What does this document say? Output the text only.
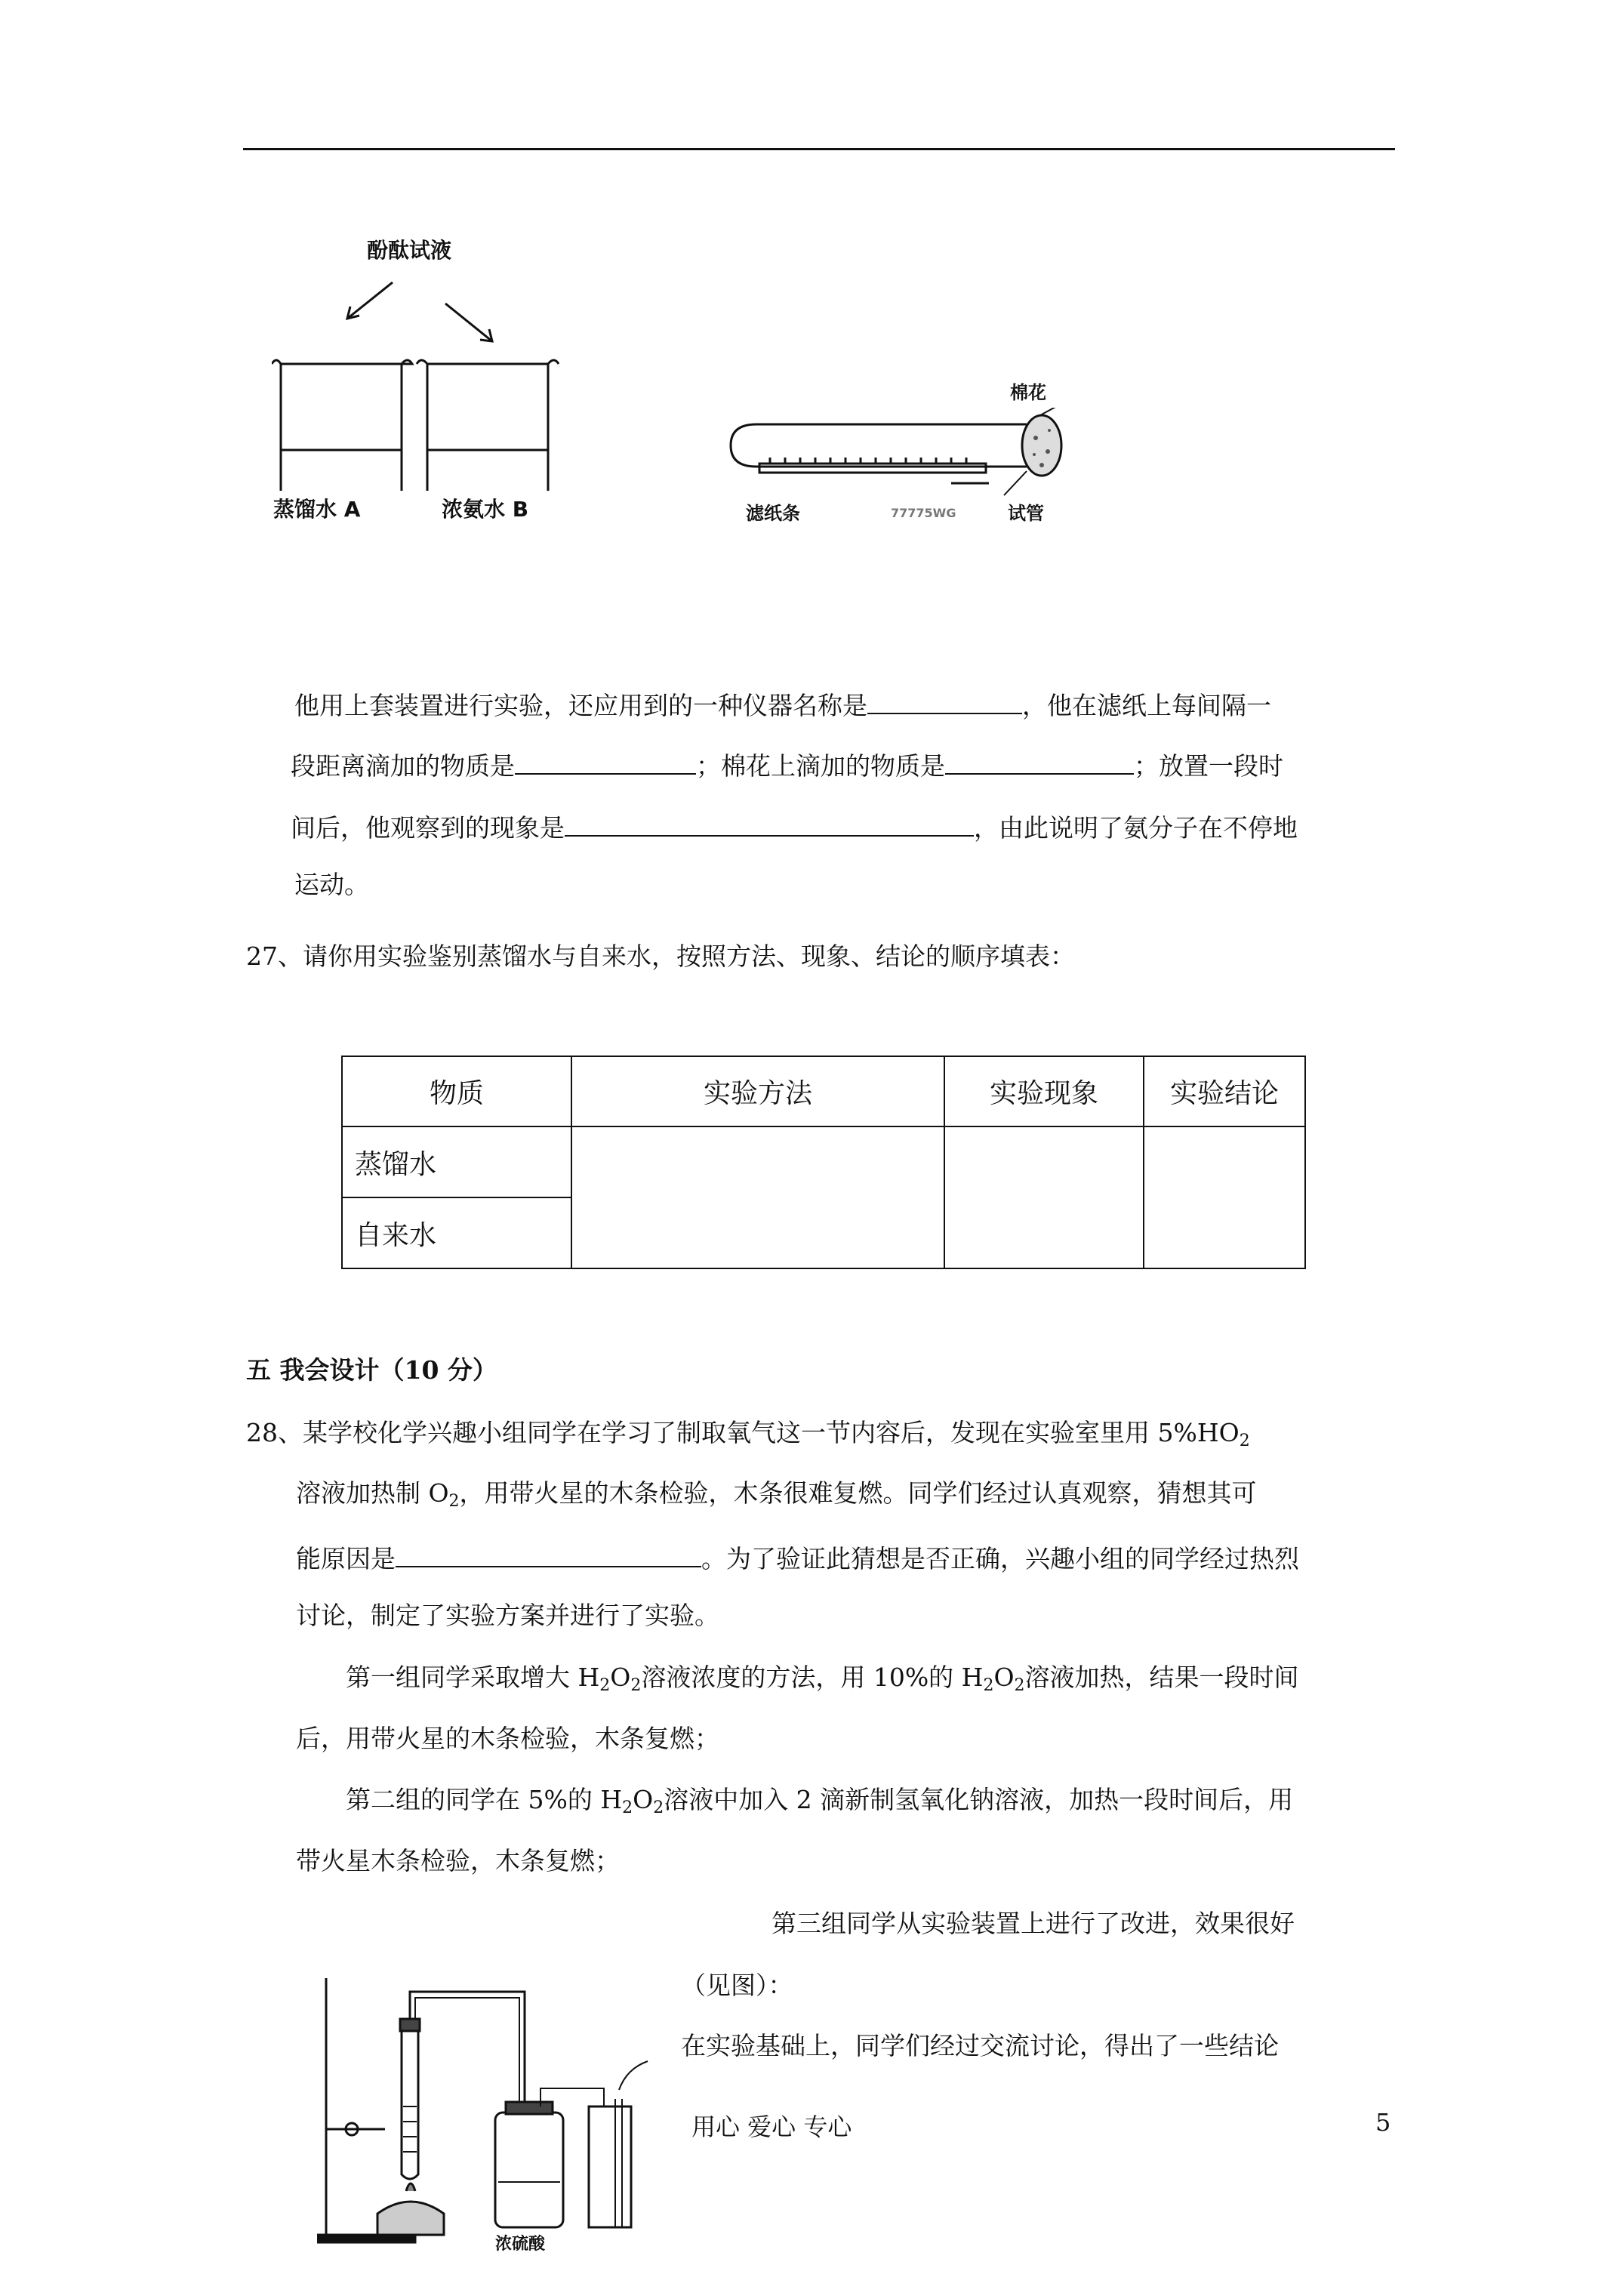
酚酞试液
蒸馏水 A	浓氨水 B
棉花
滤纸条	77775WG	试管
他用上套装置进行实验，还应用到的一种仪器名称是	，他在滤纸上每间隔一
段距离滴加的物质是	；棉花上滴加的物质是	；放置一段时
间后，他观察到的现象是	，由此说明了氨分子在不停地
运动。
27、请你用实验鉴别蒸馏水与自来水，按照方法、现象、结论的顺序填表：
物质	实验方法	实验现象	实验结论
蒸馏水			
自来水			
五 我会设计（10 分）
28、某学校化学兴趣小组同学在学习了制取氧气这一节内容后，发现在实验室里用 $5\%HO_2$
溶液加热制 $O_2$，用带火星的木条检验，木条很难复燃。同学们经过认真观察，猜想其可
能原因是	。为了验证此猜想是否正确，兴趣小组的同学经过热烈
讨论，制定了实验方案并进行了实验。
第一组同学采取增大 $H_2O_2$溶液浓度的方法，用 10%的 $H_2O_2$溶液加热，结果一段时间
后，用带火星的木条检验，木条复燃；
第二组的同学在 5%的 $H_2O_2$溶液中加入 2 滴新制氢氧化钠溶液，加热一段时间后，用
带火星木条检验，木条复燃；
第三组同学从实验装置上进行了改进，效果很好
（见图）：
在实验基础上，同学们经过交流讨论，得出了一些结论
浓硫酸
用心 爱心 专心	5
